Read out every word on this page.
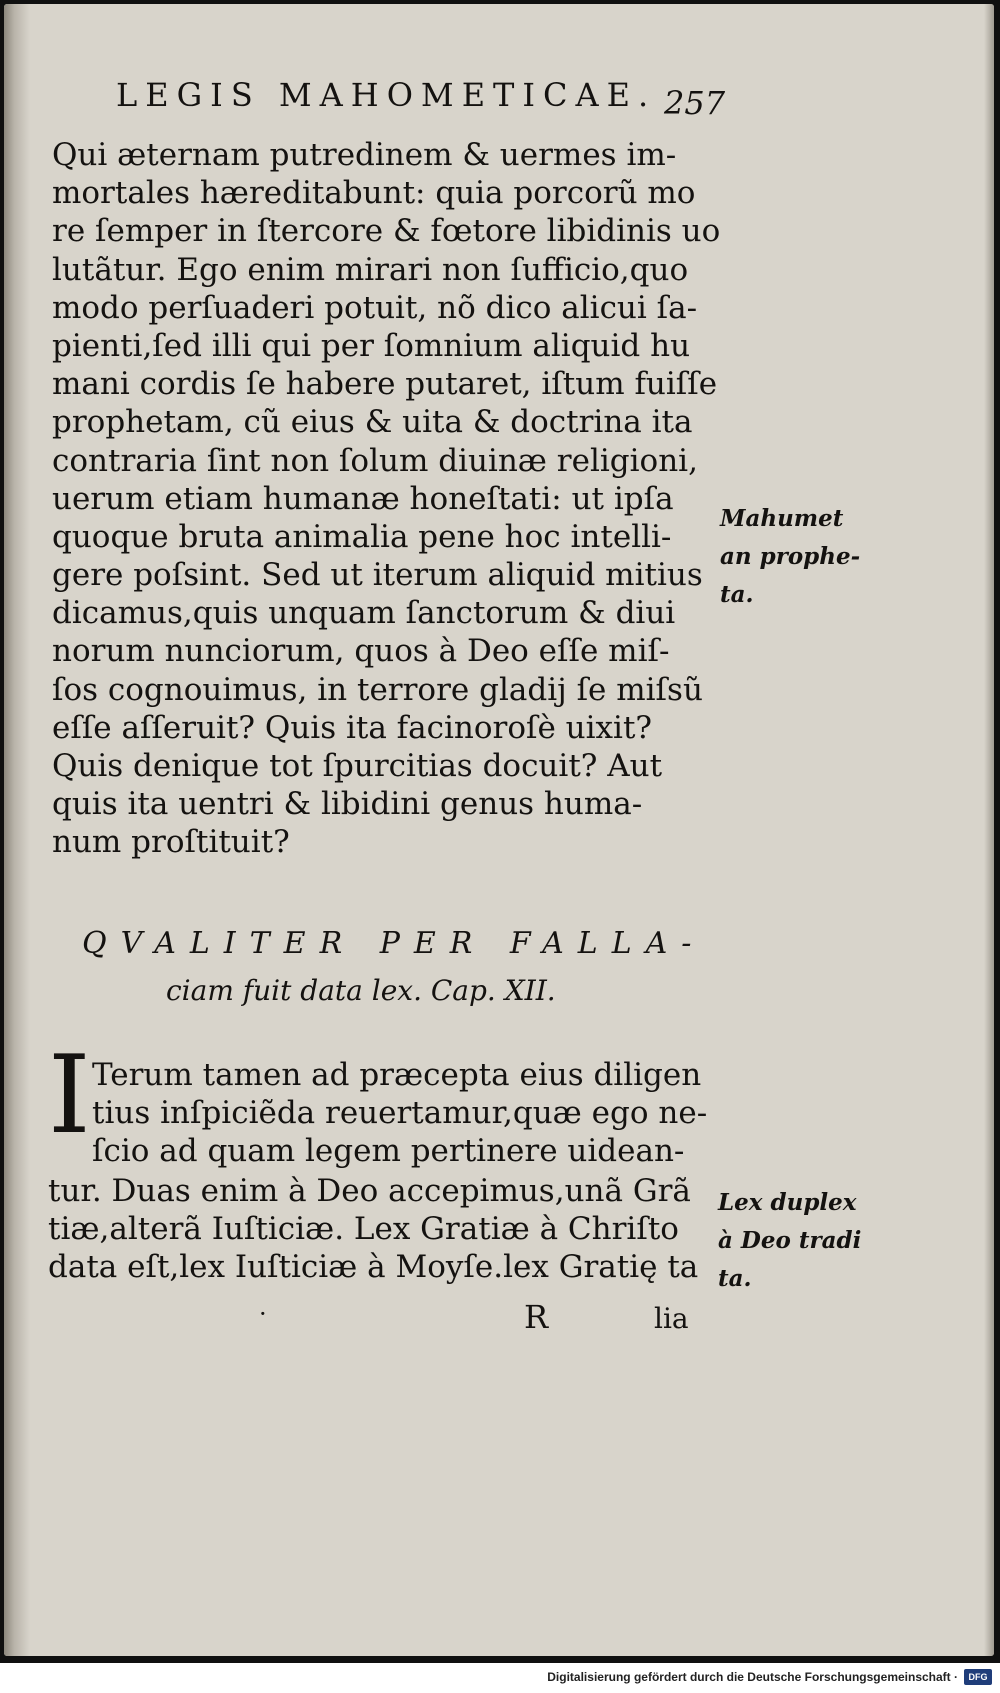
LEGIS MAHOMETICAE. 257
Qui æternam putredinem & uermes im-
mortales hæreditabunt: quia porcorũ mo
re ſemper in ſtercore & fœtore libidinis uo
lutãtur. Ego enim mirari non ſufficio,quo
modo perſuaderi potuit, nõ dico alicui ſa-
pienti,ſed illi qui per ſomnium aliquid hu
mani cordis ſe habere putaret, iſtum fuiſſe
prophetam, cũ eius & uita & doctrina ita
contraria ſint non ſolum diuinæ religioni,
uerum etiam humanæ honeſtati: ut ipſa
quoque bruta animalia pene hoc intelli-
gere poſsint. Sed ut iterum aliquid mitius
dicamus,quis unquam ſanctorum & diui
norum nunciorum, quos à Deo eſſe miſ-
ſos cognouimus, in terrore gladij ſe miſsũ
eſſe aſſeruit? Quis ita facinoroſè uixit?
Quis denique tot ſpurcitias docuit? Aut
quis ita uentri & libidini genus huma-
num proſtituit?
Mahumet
an prophe-
ta.
QVALITER PER FALLA-
ciam fuit data lex. Cap. XII.
I Terum tamen ad præcepta eius diligen
tius inſpiciẽda reuertamur,quæ ego ne-
ſcio ad quam legem pertinere uidean-
tur. Duas enim à Deo accepimus,unã Grã
tiæ,alterã Iuſticiæ. Lex Gratiæ à Chriſto
data eſt,lex Iuſticiæ à Moyſe.lex Gratię ta
Lex duplex
à Deo tradi
ta.
·	R	lia
Digitalisierung gefördert durch die Deutsche Forschungsgemeinschaft ·	DFG
